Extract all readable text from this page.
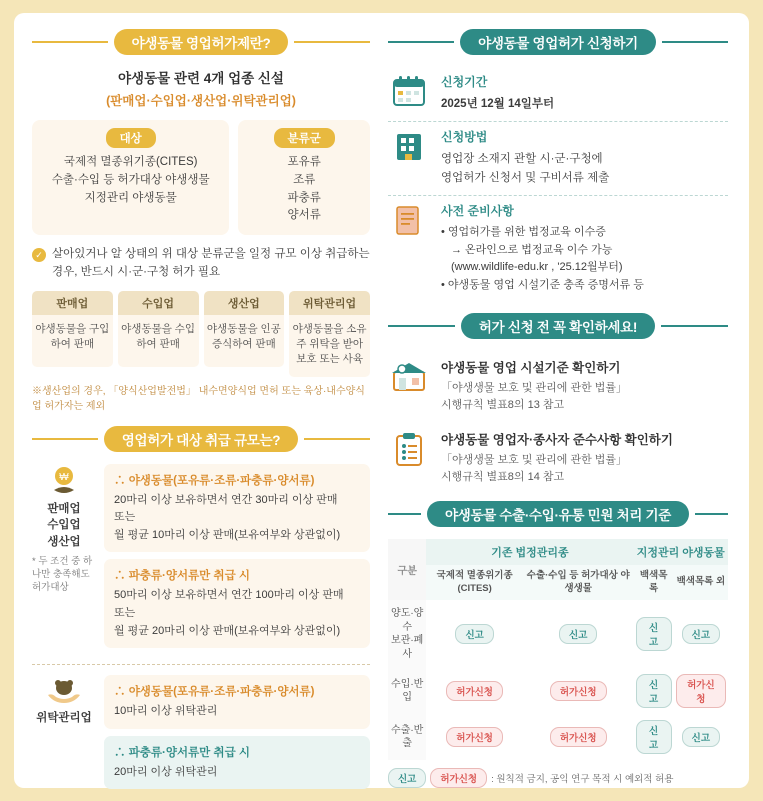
야생동물 영업허가제란?
야생동물 관련 4개 업종 신설
(판매업·수입업·생산업·위탁관리업)
대상
국제적 멸종위기종(CITES)
수출·수입 등 허가대상 야생생물
지정관리 야생동물
분류군
포유류
조류
파충류
양서류
✓ 살아있거나 알 상태의 위 대상 분류군을 일정 규모 이상 취급하는 경우, 반드시 시·군·구청 허가 필요
판매업
야생동물을 구입하여 판매
수입업
야생동물을 수입하여 판매
생산업
야생동물을 인공증식하여 판매
위탁관리업
야생동물을 소유주 위탁을 받아 보호 또는 사육
※생산업의 경우, 「양식산업발전법」 내수면양식업 면허 또는 육상·내수양식업 허가자는 제외
영업허가 대상 취급 규모는?
₩
판매업
수입업
생산업
* 두 조건 중 하나만 충족해도 허가대상
∴ 야생동물(포유류·조류·파충류·양서류)
20마리 이상 보유하면서 연간 30마리 이상 판매
또는
월 평균 10마리 이상 판매(보유여부와 상관없이)
∴ 파충류·양서류만 취급 시
50마리 이상 보유하면서 연간 100마리 이상 판매
또는
월 평균 20마리 이상 판매(보유여부와 상관없이)
위탁관리업
∴ 야생동물(포유류·조류·파충류·양서류)
10마리 이상 위탁관리
∴ 파충류·양서류만 취급 시
20마리 이상 위탁관리
야생동물 영업허가 신청하기
신청기간
2025년 12월 14일부터
신청방법
영업장 소재지 관할 시·군·구청에
영업허가 신청서 및 구비서류 제출
사전 준비사항
• 영업허가를 위한 법정교육 이수증
→ 온라인으로 법정교육 이수 가능
(www.wildlife-edu.kr , '25.12월부터)
• 야생동물 영업 시설기준 충족 증명서류 등
허가 신청 전 꼭 확인하세요!
야생동물 영업 시설기준 확인하기
「야생생물 보호 및 관리에 관한 법률」
시행규칙 별표8의 13 참고
야생동물 영업자·종사자 준수사항 확인하기
「야생생물 보호 및 관리에 관한 법률」
시행규칙 별표8의 14 참고
야생동물 수출·수입·유통 민원 처리 기준
구분	기존 법정관리종		지정관리 야생동물	
	국제적 멸종위기종(CITES)	수출·수입 등 허가대상 야생생물	백색목록	백색목록 외
양도·양수
보관·폐사	신고	신고	신고	신고
수입·반입	허가신청	허가신청	신고	허가신청
수출·반출	허가신청	허가신청	신고	신고
신고	허가신청	: 원칙적 금지, 공익 연구 목적 시 예외적 허용
